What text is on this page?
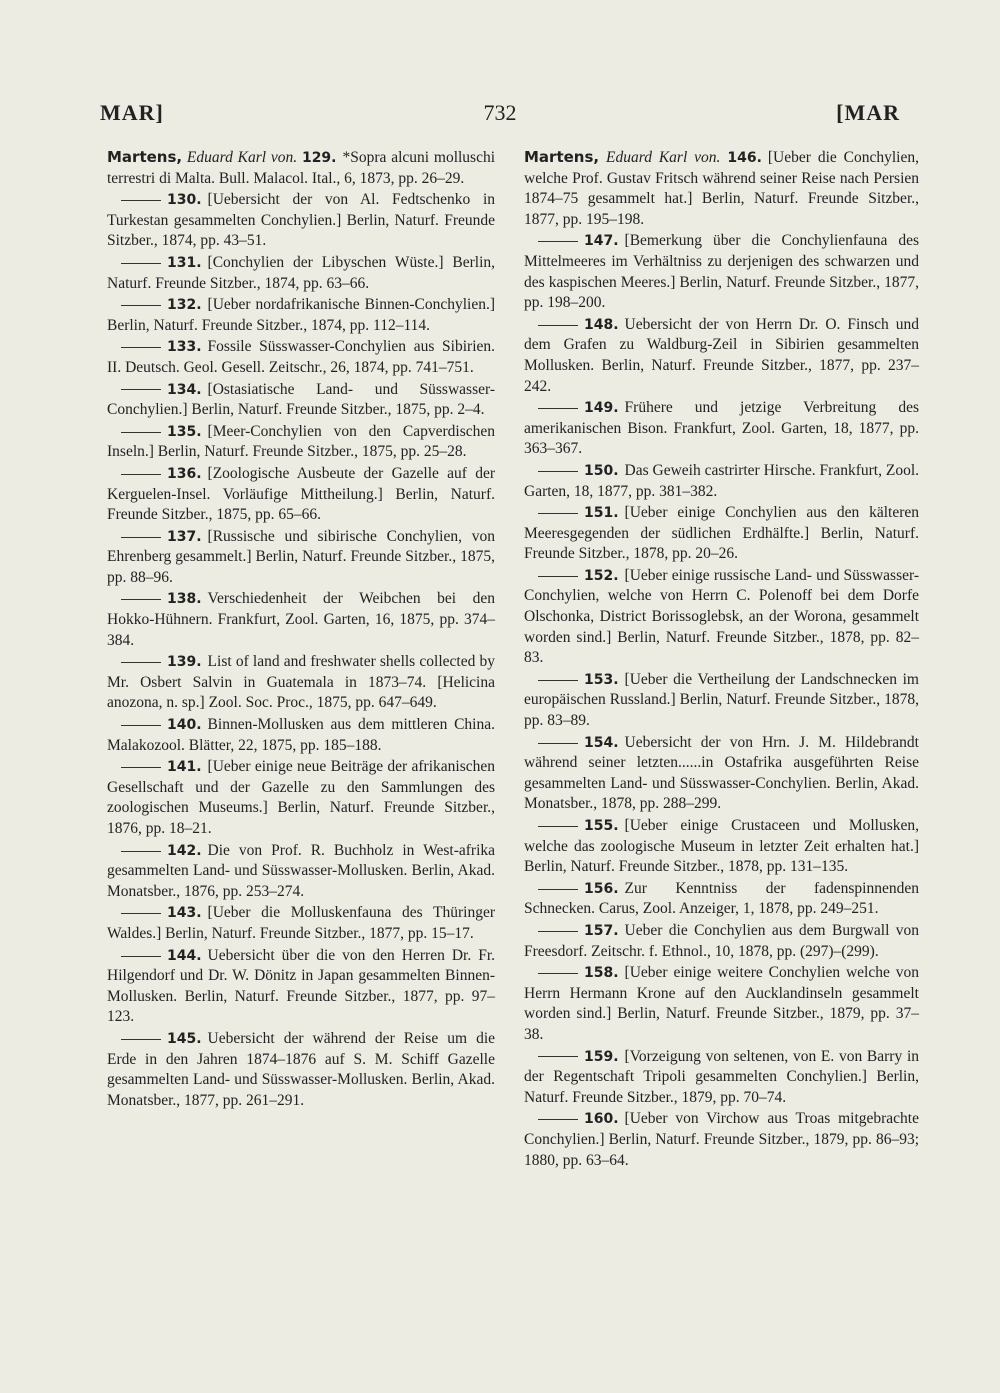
MAR]	732	[MAR

Martens, Eduard Karl von. 129. *Sopra alcuni molluschi terrestri di Malta. Bull. Malacol. Ital., 6, 1873, pp. 26–29.

130. [Uebersicht der von Al. Fedtschenko in Turkestan gesammelten Conchylien.] Berlin, Naturf. Freunde Sitzber., 1874, pp. 43–51.

131. [Conchylien der Libyschen Wüste.] Berlin, Naturf. Freunde Sitzber., 1874, pp. 63–66.

132. [Ueber nordafrikanische Binnen-Conchylien.] Berlin, Naturf. Freunde Sitzber., 1874, pp. 112–114.

133. Fossile Süsswasser-Conchylien aus Sibirien. II. Deutsch. Geol. Gesell. Zeitschr., 26, 1874, pp. 741–751.

134. [Ostasiatische Land- und Süsswasser-Conchylien.] Berlin, Naturf. Freunde Sitzber., 1875, pp. 2–4.

135. [Meer-Conchylien von den Capverdischen Inseln.] Berlin, Naturf. Freunde Sitzber., 1875, pp. 25–28.

136. [Zoologische Ausbeute der Gazelle auf der Kerguelen-Insel. Vorläufige Mittheilung.] Berlin, Naturf. Freunde Sitzber., 1875, pp. 65–66.

137. [Russische und sibirische Conchylien, von Ehrenberg gesammelt.] Berlin, Naturf. Freunde Sitzber., 1875, pp. 88–96.

138. Verschiedenheit der Weibchen bei den Hokko-Hühnern. Frankfurt, Zool. Garten, 16, 1875, pp. 374–384.

139. List of land and freshwater shells collected by Mr. Osbert Salvin in Guatemala in 1873–74. [Helicina anozona, n. sp.] Zool. Soc. Proc., 1875, pp. 647–649.

140. Binnen-Mollusken aus dem mittleren China. Malakozool. Blätter, 22, 1875, pp. 185–188.

141. [Ueber einige neue Beiträge der afrikanischen Gesellschaft und der Gazelle zu den Sammlungen des zoologischen Museums.] Berlin, Naturf. Freunde Sitzber., 1876, pp. 18–21.

142. Die von Prof. R. Buchholz in West-afrika gesammelten Land- und Süsswasser-Mollusken. Berlin, Akad. Monatsber., 1876, pp. 253–274.

143. [Ueber die Molluskenfauna des Thüringer Waldes.] Berlin, Naturf. Freunde Sitzber., 1877, pp. 15–17.

144. Uebersicht über die von den Herren Dr. Fr. Hilgendorf und Dr. W. Dönitz in Japan gesammelten Binnen-Mollusken. Berlin, Naturf. Freunde Sitzber., 1877, pp. 97–123.

145. Uebersicht der während der Reise um die Erde in den Jahren 1874–1876 auf S. M. Schiff Gazelle gesammelten Land- und Süsswasser-Mollusken. Berlin, Akad. Monatsber., 1877, pp. 261–291.

Martens, Eduard Karl von. 146. [Ueber die Conchylien, welche Prof. Gustav Fritsch während seiner Reise nach Persien 1874–75 gesammelt hat.] Berlin, Naturf. Freunde Sitzber., 1877, pp. 195–198.

147. [Bemerkung über die Conchylienfauna des Mittelmeeres im Verhältniss zu derjenigen des schwarzen und des kaspischen Meeres.] Berlin, Naturf. Freunde Sitzber., 1877, pp. 198–200.

148. Uebersicht der von Herrn Dr. O. Finsch und dem Grafen zu Waldburg-Zeil in Sibirien gesammelten Mollusken. Berlin, Naturf. Freunde Sitzber., 1877, pp. 237–242.

149. Frühere und jetzige Verbreitung des amerikanischen Bison. Frankfurt, Zool. Garten, 18, 1877, pp. 363–367.

150. Das Geweih castrirter Hirsche. Frankfurt, Zool. Garten, 18, 1877, pp. 381–382.

151. [Ueber einige Conchylien aus den kälteren Meeresgegenden der südlichen Erdhälfte.] Berlin, Naturf. Freunde Sitzber., 1878, pp. 20–26.

152. [Ueber einige russische Land- und Süsswasser-Conchylien, welche von Herrn C. Polenoff bei dem Dorfe Olschonka, District Borissoglebsk, an der Worona, gesammelt worden sind.] Berlin, Naturf. Freunde Sitzber., 1878, pp. 82–83.

153. [Ueber die Vertheilung der Landschnecken im europäischen Russland.] Berlin, Naturf. Freunde Sitzber., 1878, pp. 83–89.

154. Uebersicht der von Hrn. J. M. Hildebrandt während seiner letzten......in Ostafrika ausgeführten Reise gesammelten Land- und Süsswasser-Conchylien. Berlin, Akad. Monatsber., 1878, pp. 288–299.

155. [Ueber einige Crustaceen und Mollusken, welche das zoologische Museum in letzter Zeit erhalten hat.] Berlin, Naturf. Freunde Sitzber., 1878, pp. 131–135.

156. Zur Kenntniss der fadenspinnenden Schnecken. Carus, Zool. Anzeiger, 1, 1878, pp. 249–251.

157. Ueber die Conchylien aus dem Burgwall von Freesdorf. Zeitschr. f. Ethnol., 10, 1878, pp. (297)–(299).

158. [Ueber einige weitere Conchylien welche von Herrn Hermann Krone auf den Aucklandinseln gesammelt worden sind.] Berlin, Naturf. Freunde Sitzber., 1879, pp. 37–38.

159. [Vorzeigung von seltenen, von E. von Barry in der Regentschaft Tripoli gesammelten Conchylien.] Berlin, Naturf. Freunde Sitzber., 1879, pp. 70–74.

160. [Ueber von Virchow aus Troas mitgebrachte Conchylien.] Berlin, Naturf. Freunde Sitzber., 1879, pp. 86–93; 1880, pp. 63–64.
